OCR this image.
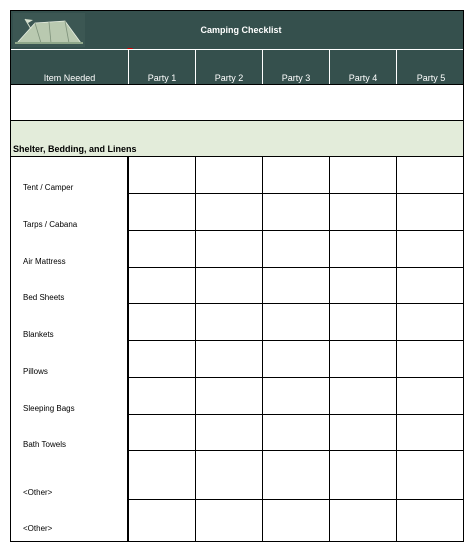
Camping Checklist
Item Needed	Party 1	Party 2	Party 3	Party 4	Party 5
Shelter, Bedding, and Linens
Tent / Camper
Tarps / Cabana
Air Mattress
Bed Sheets
Blankets
Pillows
Sleeping Bags
Bath Towels
<Other>
<Other>
